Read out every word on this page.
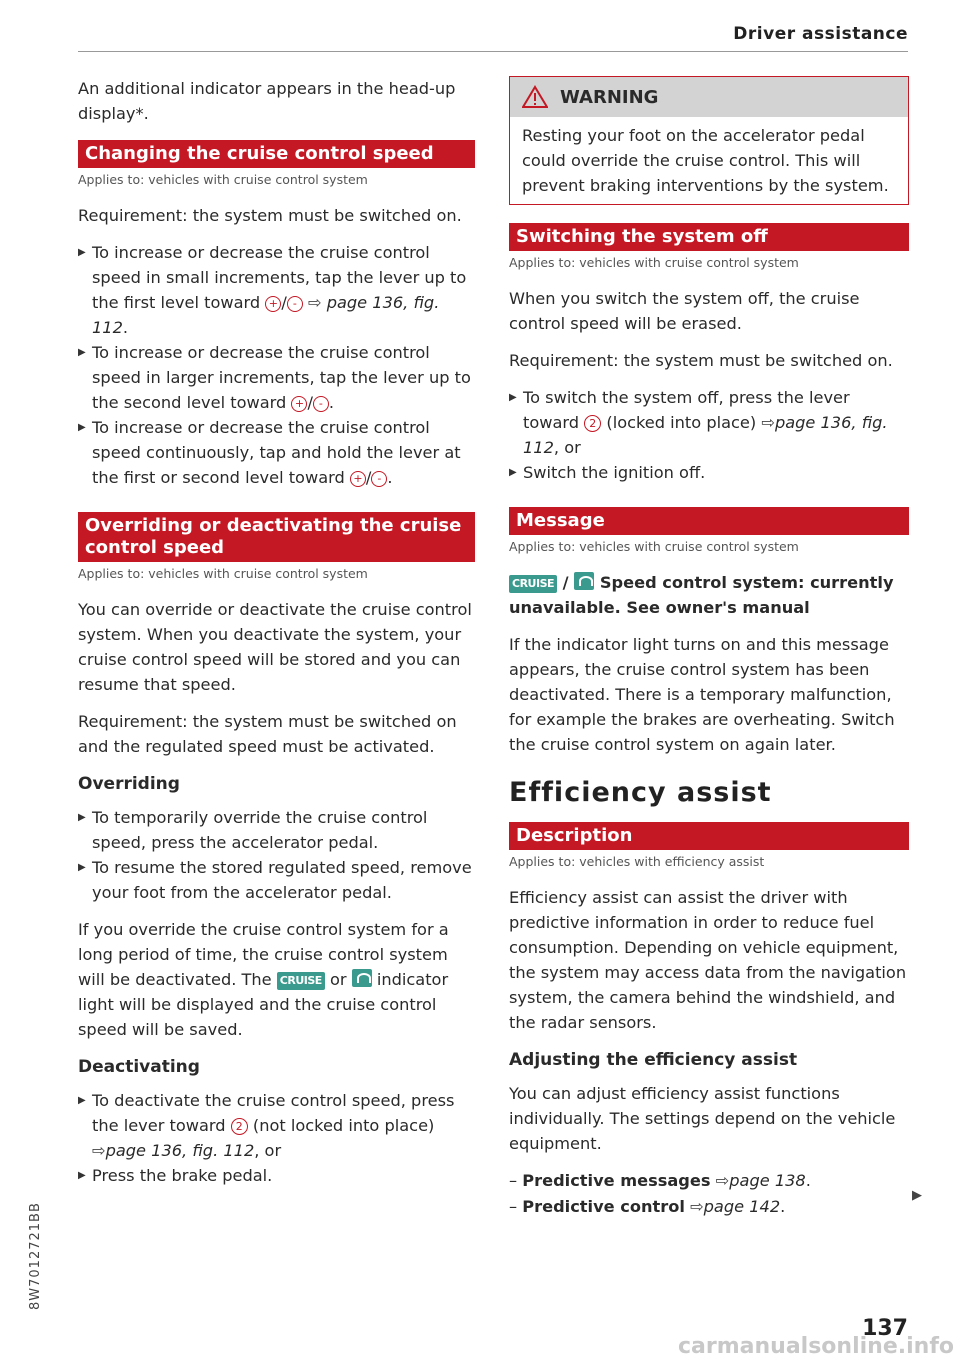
Driver assistance

An additional indicator appears in the head-up display*.

Changing the cruise control speed
Applies to: vehicles with cruise control system

Requirement: the system must be switched on.

▶ To increase or decrease the cruise control speed in small increments, tap the lever up to the first level toward + / - ⇨ page 136, fig. 112.
▶ To increase or decrease the cruise control speed in larger increments, tap the lever up to the second level toward + / - .
▶ To increase or decrease the cruise control speed continuously, tap and hold the lever at the first or second level toward + / - .
Overriding or deactivating the cruise control speed
Applies to: vehicles with cruise control system

You can override or deactivate the cruise control system. When you deactivate the system, your cruise control speed will be stored and you can resume that speed.

Requirement: the system must be switched on and the regulated speed must be activated.

Overriding
▶ To temporarily override the cruise control speed, press the accelerator pedal.
▶ To resume the stored regulated speed, remove your foot from the accelerator pedal.

If you override the cruise control system for a long period of time, the cruise control system will be deactivated. The CRUISE or indicator light will be displayed and the cruise control speed will be saved.

Deactivating
▶ To deactivate the cruise control speed, press the lever toward 2 (not locked into place) ⇨page 136, fig. 112, or
▶ Press the brake pedal.
WARNING
Resting your foot on the accelerator pedal could override the cruise control. This will prevent braking interventions by the system.
Switching the system off
Applies to: vehicles with cruise control system

When you switch the system off, the cruise control speed will be erased.

Requirement: the system must be switched on.

▶ To switch the system off, press the lever toward 2 (locked into place) ⇨page 136, fig. 112, or
▶ Switch the ignition off.
Message
Applies to: vehicles with cruise control system

CRUISE / Speed control system: currently unavailable. See owner's manual

If the indicator light turns on and this message appears, the cruise control system has been deactivated. There is a temporary malfunction, for example the brakes are overheating. Switch the cruise control system on again later.

Efficiency assist
Description
Applies to: vehicles with efficiency assist

Efficiency assist can assist the driver with predictive information in order to reduce fuel consumption. Depending on vehicle equipment, the system may access data from the navigation system, the camera behind the windshield, and the radar sensors.

Adjusting the efficiency assist

You can adjust efficiency assist functions individually. The settings depend on the vehicle equipment.

– Predictive messages ⇨page 138.
– Predictive control ⇨page 142.
▶
8W7012721BB
137
carmanualsonline.info
